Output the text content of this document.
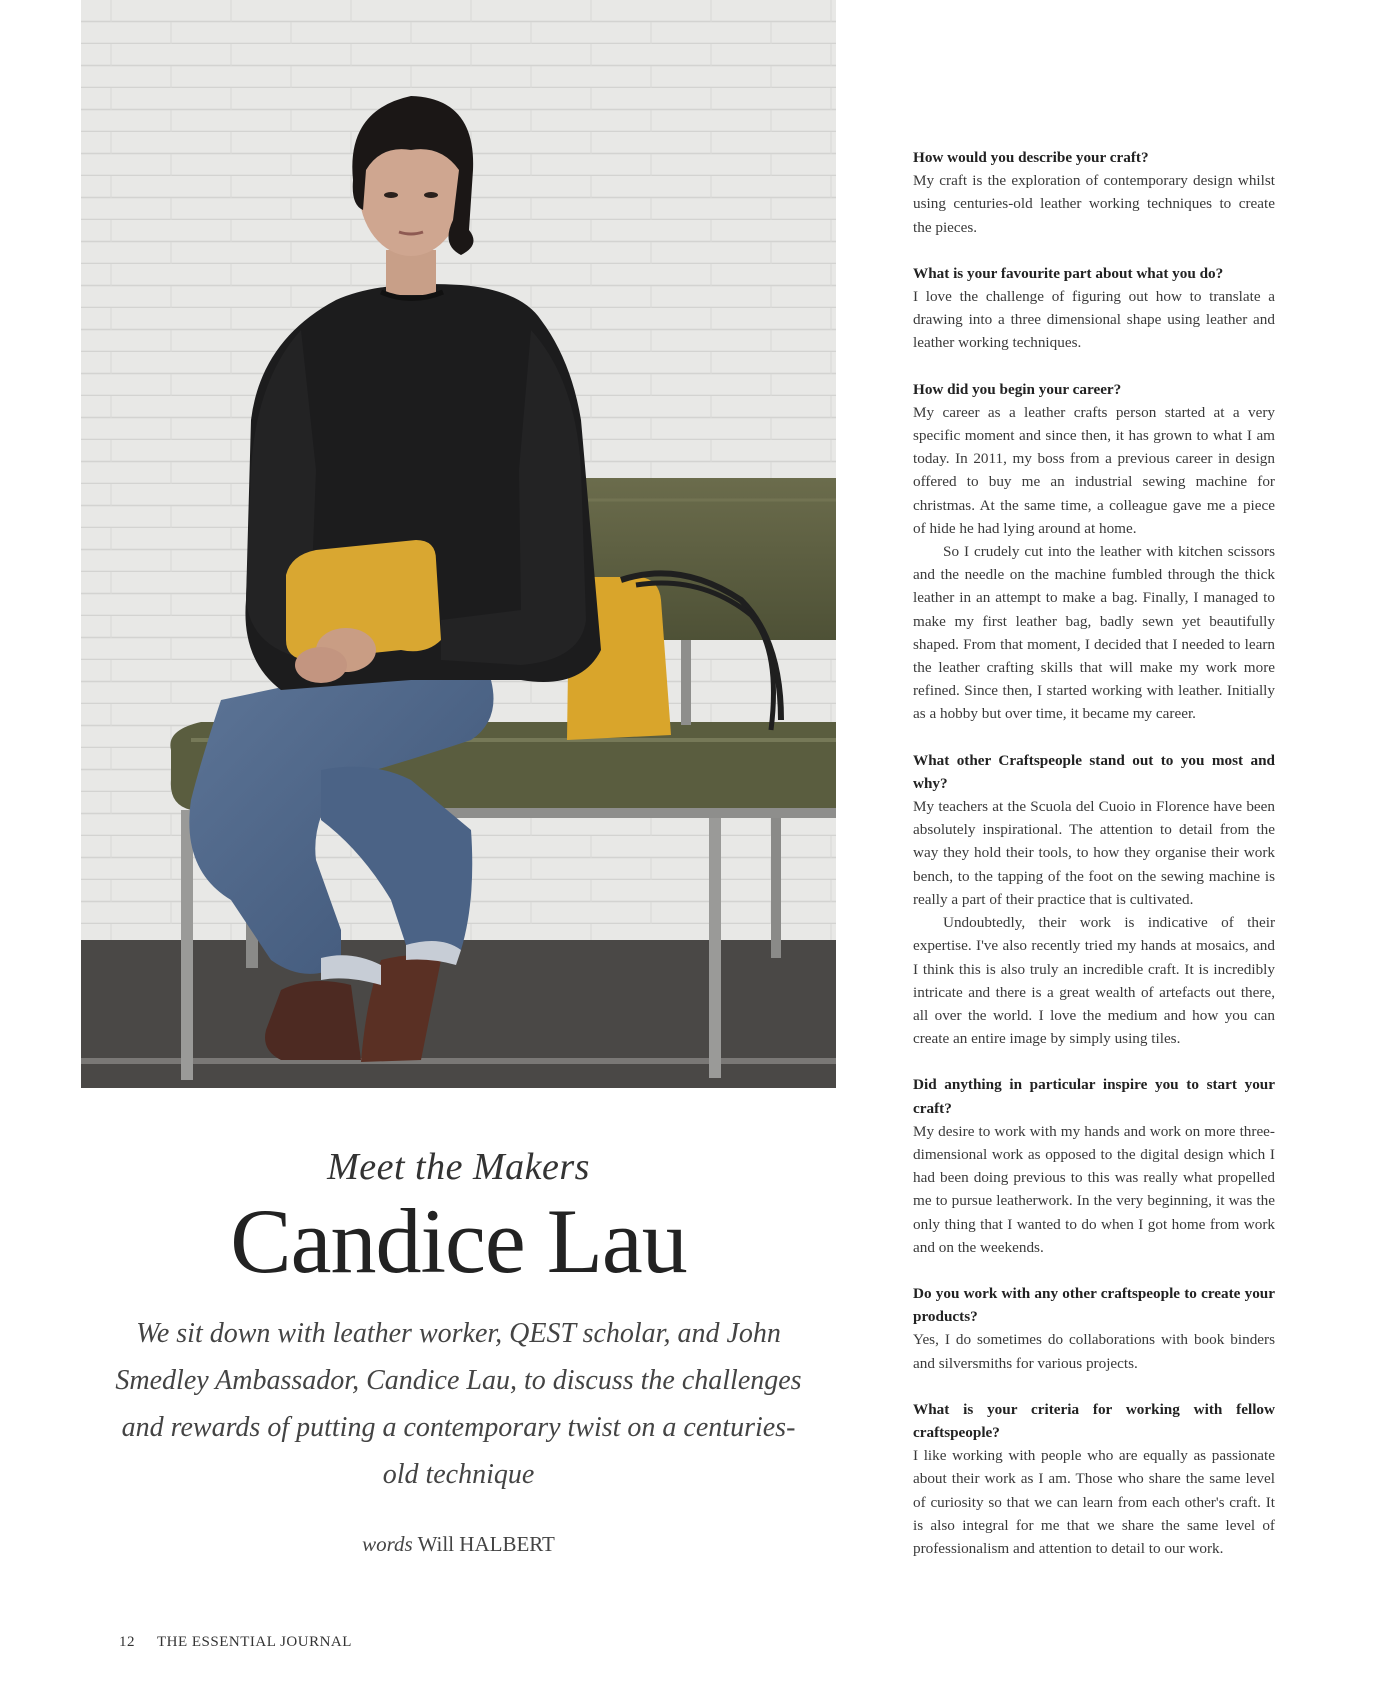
Meet the Makers
Candice Lau
We sit down with leather worker, QEST scholar, and John Smedley Ambassador, Candice Lau, to discuss the challenges and rewards of putting a contemporary twist on a centuries-old technique
words Will HALBERT
12 THE ESSENTIAL JOURNAL

How would you describe your craft?

My craft is the exploration of contemporary design whilst using centuries-old leather working techniques to create the pieces.

What is your favourite part about what you do?

I love the challenge of figuring out how to translate a drawing into a three dimensional shape using leather and leather working techniques.

How did you begin your career?

My career as a leather crafts person started at a very specific moment and since then, it has grown to what I am today. In 2011, my boss from a previous career in design offered to buy me an industrial sewing machine for christmas. At the same time, a colleague gave me a piece of hide he had lying around at home.

So I crudely cut into the leather with kitchen scissors and the needle on the machine fumbled through the thick leather in an attempt to make a bag. Finally, I managed to make my first leather bag, badly sewn yet beautifully shaped. From that moment, I decided that I needed to learn the leather crafting skills that will make my work more refined. Since then, I started working with leather. Initially as a hobby but over time, it became my career.

What other Craftspeople stand out to you most and why?

My teachers at the Scuola del Cuoio in Florence have been absolutely inspirational. The attention to detail from the way they hold their tools, to how they organise their work bench, to the tapping of the foot on the sewing machine is really a part of their practice that is cultivated.

Undoubtedly, their work is indicative of their expertise. I've also recently tried my hands at mosaics, and I think this is also truly an incredible craft. It is incredibly intricate and there is a great wealth of artefacts out there, all over the world. I love the medium and how you can create an entire image by simply using tiles.

Did anything in particular inspire you to start your craft?

My desire to work with my hands and work on more three-dimensional work as opposed to the digital design which I had been doing previous to this was really what propelled me to pursue leatherwork. In the very beginning, it was the only thing that I wanted to do when I got home from work and on the weekends.

Do you work with any other craftspeople to create your products?

Yes, I do sometimes do collaborations with book binders and silversmiths for various projects.

What is your criteria for working with fellow craftspeople?

I like working with people who are equally as passionate about their work as I am. Those who share the same level of curiosity so that we can learn from each other's craft. It is also integral for me that we share the same level of professionalism and attention to detail to our work.
